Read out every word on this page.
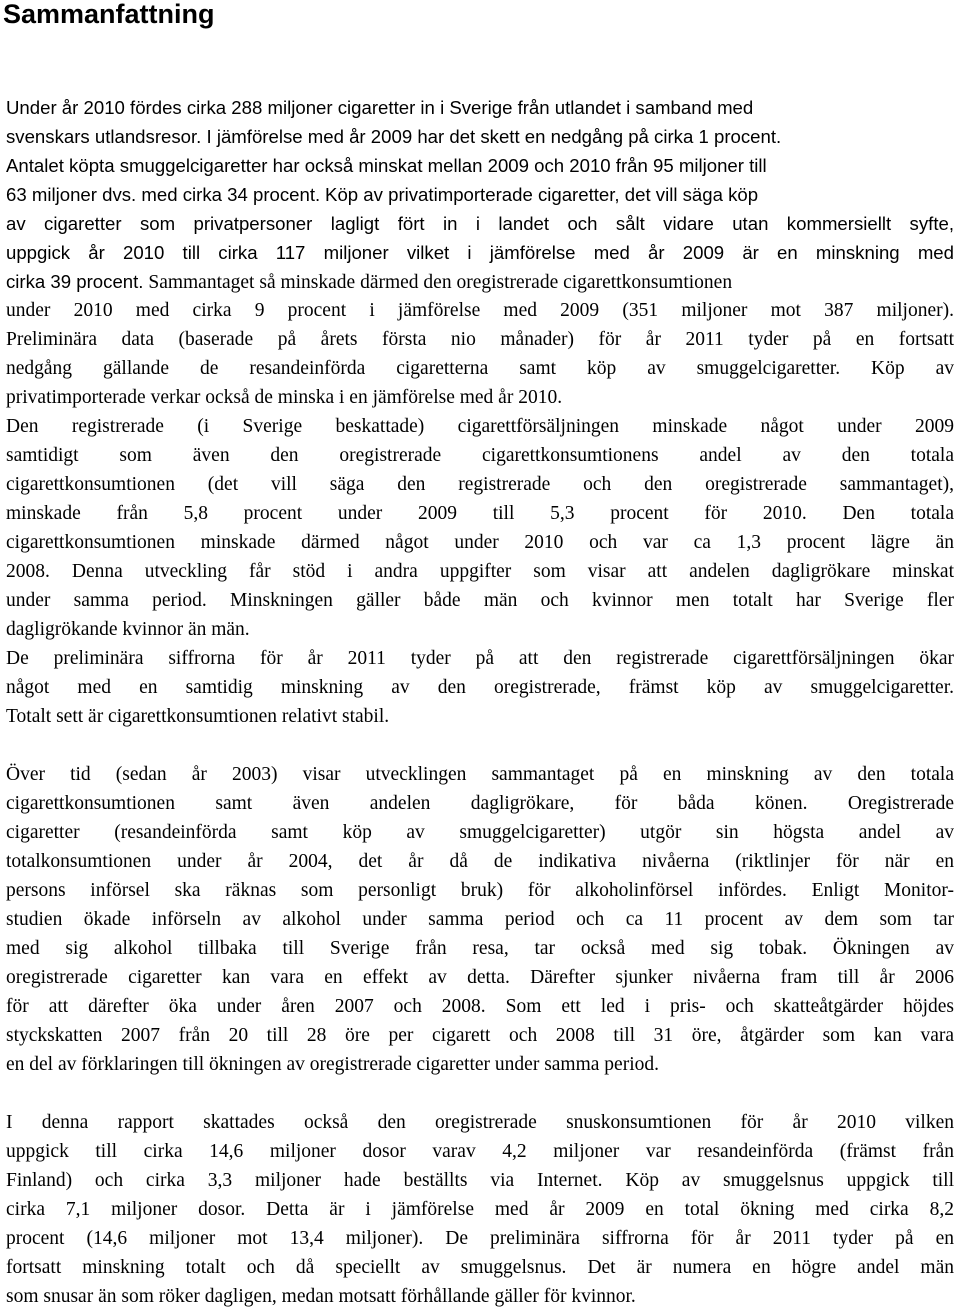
Sammanfattning
Under år 2010 fördes cirka 288 miljoner cigaretter in i Sverige från utlandet i samband med
svenskars utlandsresor. I jämförelse med år 2009 har det skett en nedgång på cirka 1 procent.
Antalet köpta smuggelcigaretter har också minskat mellan 2009 och 2010 från 95 miljoner till
63 miljoner dvs. med cirka 34 procent. Köp av privatimporterade cigaretter, det vill säga köp
av cigaretter som privatpersoner lagligt fört in i landet och sålt vidare utan kommersiellt syfte,
uppgick år 2010 till cirka 117 miljoner vilket i jämförelse med år 2009 är en minskning med
cirka 39 procent. Sammantaget så minskade därmed den oregistrerade cigarettkonsumtionen
under 2010 med cirka 9 procent i jämförelse med 2009 (351 miljoner mot 387 miljoner).
Preliminära data (baserade på årets första nio månader) för år 2011 tyder på en fortsatt
nedgång gällande de resandeinförda cigaretterna samt köp av smuggelcigaretter. Köp av
privatimporterade verkar också de minska i en jämförelse med år 2010.
Den registrerade (i Sverige beskattade) cigarettförsäljningen minskade något under 2009
samtidigt som även den oregistrerade cigarettkonsumtionens andel av den totala
cigarettkonsumtionen (det vill säga den registrerade och den oregistrerade sammantaget),
minskade från 5,8 procent under 2009 till 5,3 procent för 2010. Den totala
cigarettkonsumtionen minskade därmed något under 2010 och var ca 1,3 procent lägre än
2008. Denna utveckling får stöd i andra uppgifter som visar att andelen dagligrökare minskat
under samma period. Minskningen gäller både män och kvinnor men totalt har Sverige fler
dagligrökande kvinnor än män.
De preliminära siffrorna för år 2011 tyder på att den registrerade cigarettförsäljningen ökar
något med en samtidig minskning av den oregistrerade, främst köp av smuggelcigaretter.
Totalt sett är cigarettkonsumtionen relativt stabil.
Över tid (sedan år 2003) visar utvecklingen sammantaget på en minskning av den totala
cigarettkonsumtionen samt även andelen dagligrökare, för båda könen. Oregistrerade
cigaretter (resandeinförda samt köp av smuggelcigaretter) utgör sin högsta andel av
totalkonsumtionen under år 2004, det år då de indikativa nivåerna (riktlinjer för när en
persons införsel ska räknas som personligt bruk) för alkoholinförsel infördes. Enligt Monitor-
studien ökade införseln av alkohol under samma period och ca 11 procent av dem som tar
med sig alkohol tillbaka till Sverige från resa, tar också med sig tobak. Ökningen av
oregistrerade cigaretter kan vara en effekt av detta. Därefter sjunker nivåerna fram till år 2006
för att därefter öka under åren 2007 och 2008. Som ett led i pris- och skatteåtgärder höjdes
styckskatten 2007 från 20 till 28 öre per cigarett och 2008 till 31 öre, åtgärder som kan vara
en del av förklaringen till ökningen av oregistrerade cigaretter under samma period.
I denna rapport skattades också den oregistrerade snuskonsumtionen för år 2010 vilken
uppgick till cirka 14,6 miljoner dosor varav 4,2 miljoner var resandeinförda (främst från
Finland) och cirka 3,3 miljoner hade beställts via Internet. Köp av smuggelsnus uppgick till
cirka 7,1 miljoner dosor. Detta är i jämförelse med år 2009 en total ökning med cirka 8,2
procent (14,6 miljoner mot 13,4 miljoner). De preliminära siffrorna för år 2011 tyder på en
fortsatt minskning totalt och då speciellt av smuggelsnus. Det är numera en högre andel män
som snusar än som röker dagligen, medan motsatt förhållande gäller för kvinnor.
